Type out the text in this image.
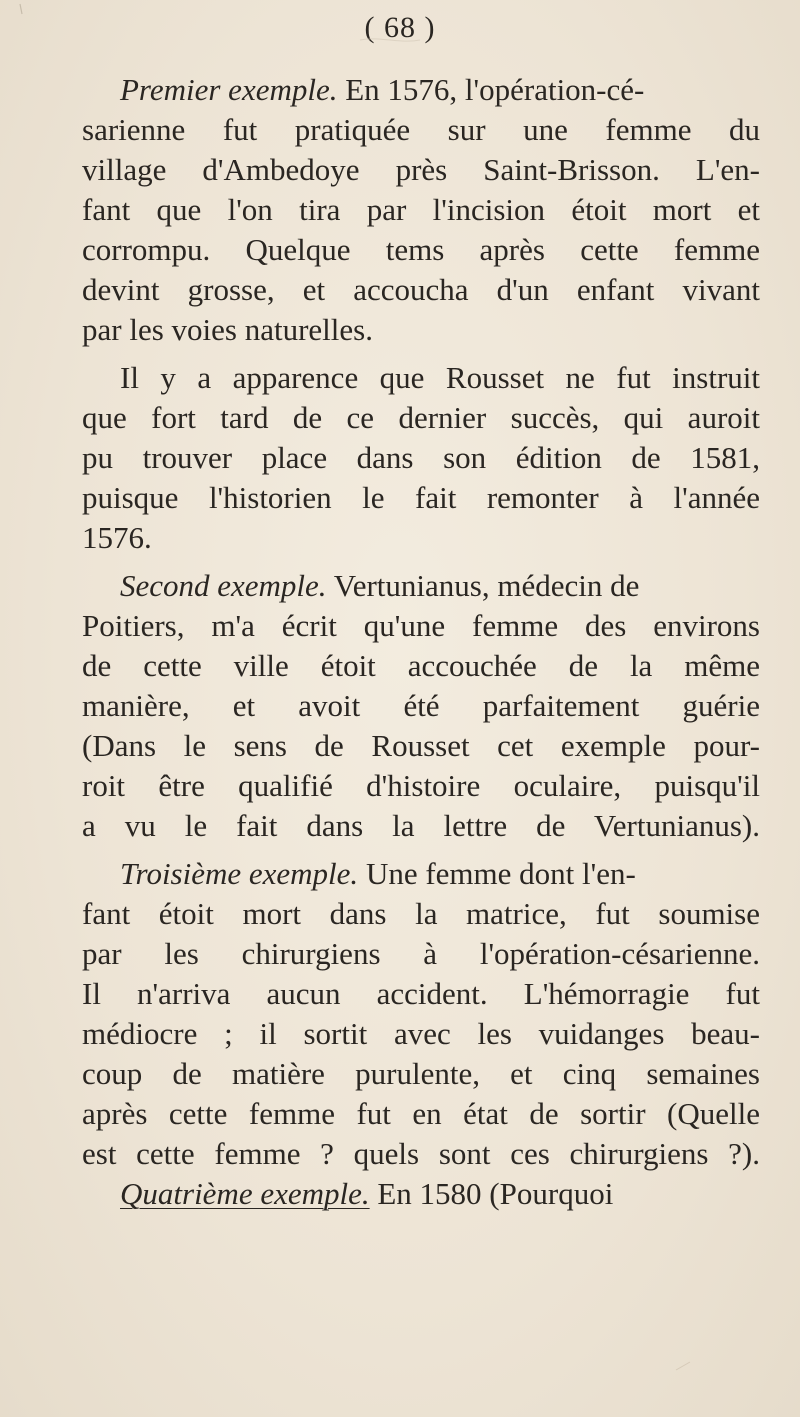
( 68 )
Premier exemple. En 1576, l'opération-cé-
sarienne fut pratiquée sur une femme du
village d'Ambedoye près Saint-Brisson. L'en-
fant que l'on tira par l'incision étoit mort et
corrompu. Quelque tems après cette femme
devint grosse, et accoucha d'un enfant vivant
par les voies naturelles.
Il y a apparence que Rousset ne fut instruit
que fort tard de ce dernier succès, qui auroit
pu trouver place dans son édition de 1581,
puisque l'historien le fait remonter à l'année
1576.
Second exemple. Vertunianus, médecin de
Poitiers, m'a écrit qu'une femme des environs
de cette ville étoit accouchée de la même
manière, et avoit été parfaitement guérie
(Dans le sens de Rousset cet exemple pour-
roit être qualifié d'histoire oculaire, puisqu'il
a vu le fait dans la lettre de Vertunianus).
Troisième exemple. Une femme dont l'en-
fant étoit mort dans la matrice, fut soumise
par les chirurgiens à l'opération-césarienne.
Il n'arriva aucun accident. L'hémorragie fut
médiocre ; il sortit avec les vuidanges beau-
coup de matière purulente, et cinq semaines
après cette femme fut en état de sortir (Quelle
est cette femme ? quels sont ces chirurgiens ?).
Quatrième exemple. En 1580 (Pourquoi
